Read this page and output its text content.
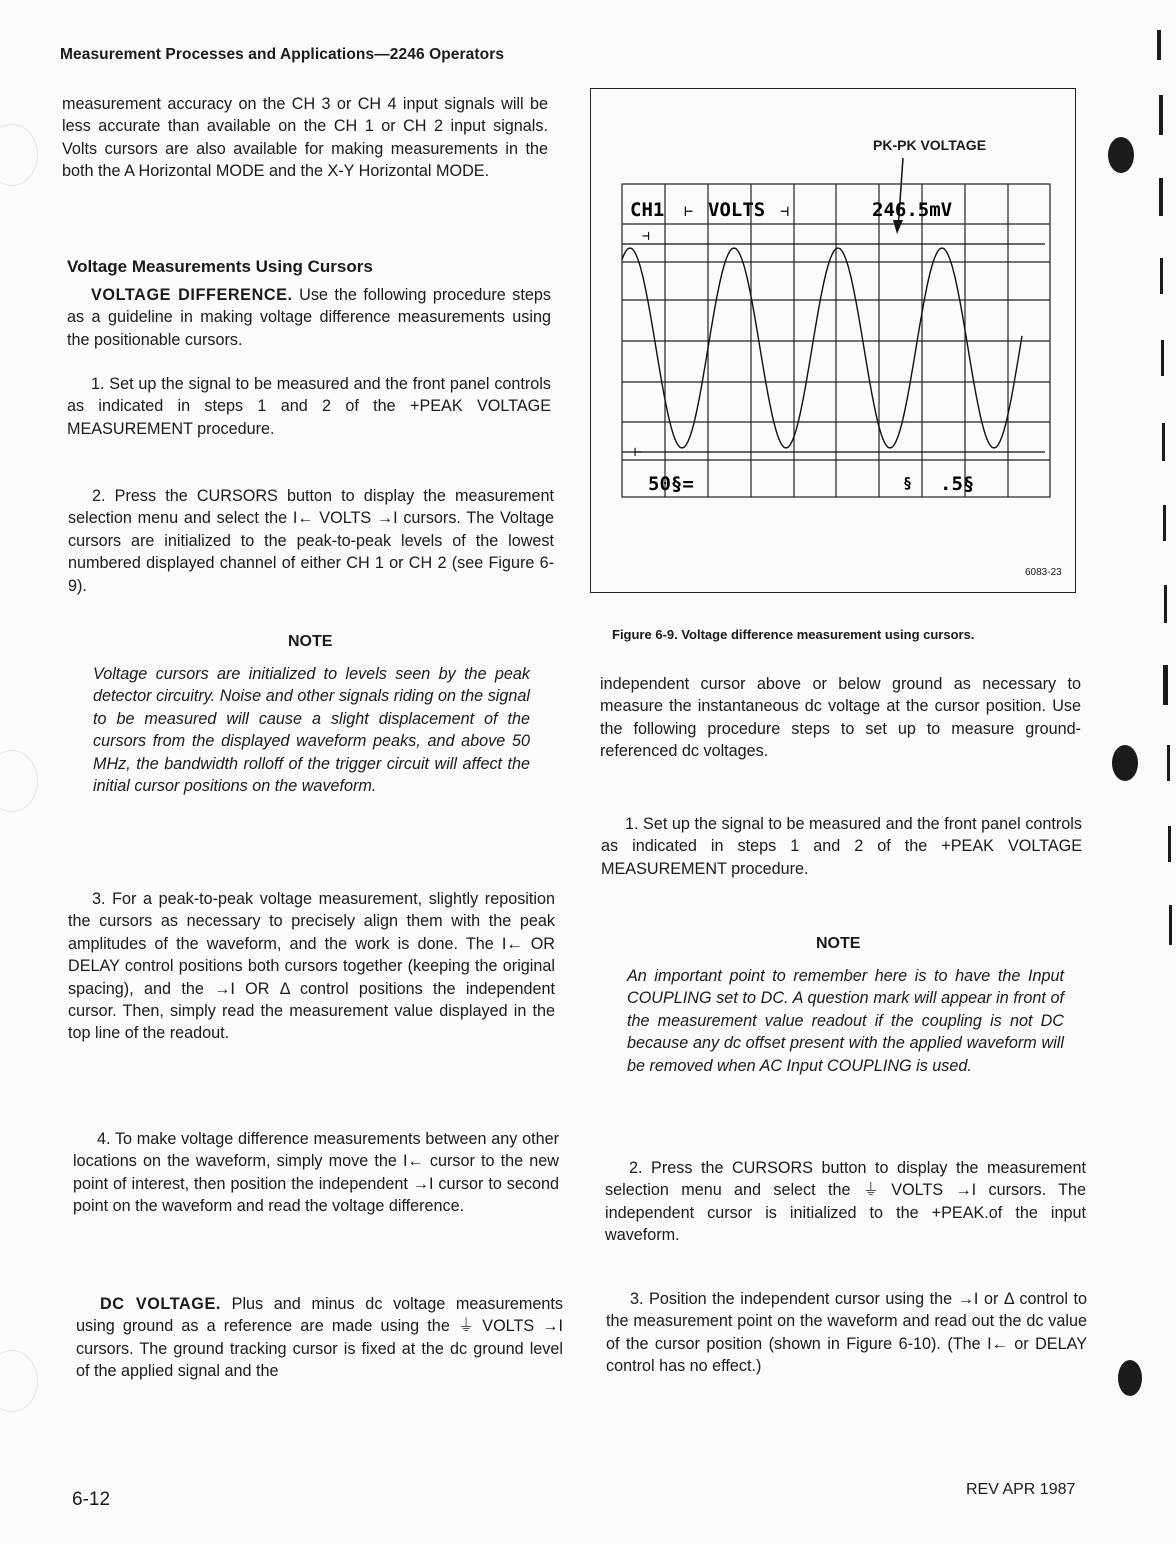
Measurement Processes and Applications—2246 Operators

measurement accuracy on the CH 3 or CH 4 input signals will be less accurate than available on the CH 1 or CH 2 input signals. Volts cursors are also available for making measurements in the both the A Horizontal MODE and the X-Y Horizontal MODE.

Voltage Measurements Using Cursors

VOLTAGE DIFFERENCE. Use the following procedure steps as a guideline in making voltage difference measurements using the positionable cursors.

1. Set up the signal to be measured and the front panel controls as indicated in steps 1 and 2 of the +PEAK VOLTAGE MEASUREMENT procedure.

2. Press the CURSORS button to display the measurement selection menu and select the I← VOLTS →I cursors. The Voltage cursors are initialized to the peak-to-peak levels of the lowest numbered displayed channel of either CH 1 or CH 2 (see Figure 6-9).

NOTE

Voltage cursors are initialized to levels seen by the peak detector circuitry. Noise and other signals riding on the signal to be measured will cause a slight displacement of the cursors from the displayed waveform peaks, and above 50 MHz, the bandwidth rolloff of the trigger circuit will affect the initial cursor positions on the waveform.

3. For a peak-to-peak voltage measurement, slightly reposition the cursors as necessary to precisely align them with the peak amplitudes of the waveform, and the work is done. The I← OR DELAY control positions both cursors together (keeping the original spacing), and the →I OR Δ control positions the independent cursor. Then, simply read the measurement value displayed in the top line of the readout.

4. To make voltage difference measurements between any other locations on the waveform, simply move the I← cursor to the new point of interest, then position the independent →I cursor to second point on the waveform and read the voltage difference.

DC VOLTAGE. Plus and minus dc voltage measurements using ground as a reference are made using the ⏚ VOLTS →I cursors. The ground tracking cursor is fixed at the dc ground level of the applied signal and the

PK-PK VOLTAGE
CH1 ⊢ VOLTS ⊣	246.5mV
⊣
⊢
50§=	§ .5§
6083-23
Figure 6-9. Voltage difference measurement using cursors.

independent cursor above or below ground as necessary to measure the instantaneous dc voltage at the cursor position. Use the following procedure steps to set up to measure ground-referenced dc voltages.

1. Set up the signal to be measured and the front panel controls as indicated in steps 1 and 2 of the +PEAK VOLTAGE MEASUREMENT procedure.

NOTE

An important point to remember here is to have the Input COUPLING set to DC. A question mark will appear in front of the measurement value readout if the coupling is not DC because any dc offset present with the applied waveform will be removed when AC Input COUPLING is used.

2. Press the CURSORS button to display the measurement selection menu and select the ⏚ VOLTS →I cursors. The independent cursor is initialized to the +PEAK.of the input waveform.

3. Position the independent cursor using the →I or Δ control to the measurement point on the waveform and read out the dc value of the cursor position (shown in Figure 6-10). (The I← or DELAY control has no effect.)

6-12	REV APR 1987
